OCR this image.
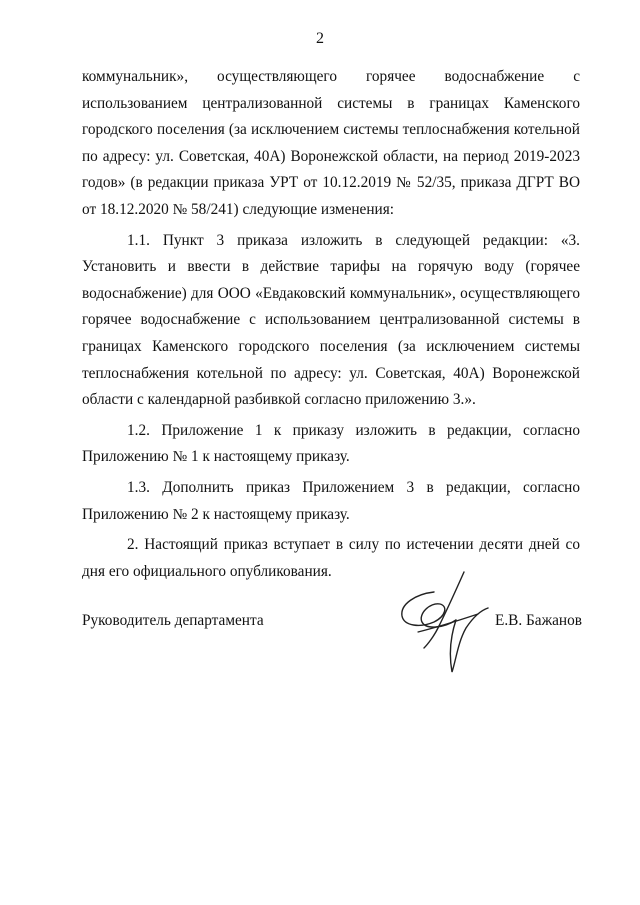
2

коммунальник», осуществляющего горячее водоснабжение с использованием централизованной системы в границах Каменского городского поселения (за исключением системы теплоснабжения котельной по адресу: ул. Советская, 40А) Воронежской области, на период 2019-2023 годов» (в редакции приказа УРТ от 10.12.2019 № 52/35, приказа ДГРТ ВО от 18.12.2020 № 58/241) следующие изменения:

1.1. Пункт 3 приказа изложить в следующей редакции: «3. Установить и ввести в действие тарифы на горячую воду (горячее водоснабжение) для ООО «Евдаковский коммунальник», осуществляющего горячее водоснабжение с использованием централизованной системы в границах Каменского городского поселения (за исключением системы теплоснабжения котельной по адресу: ул. Советская, 40А) Воронежской области с календарной разбивкой согласно приложению 3.».

1.2. Приложение 1 к приказу изложить в редакции, согласно Приложению № 1 к настоящему приказу.

1.3. Дополнить приказ Приложением 3 в редакции, согласно Приложению № 2 к настоящему приказу.

2. Настоящий приказ вступает в силу по истечении десяти дней со дня его официального опубликования.

Руководитель департамента	Е.В. Бажанов
